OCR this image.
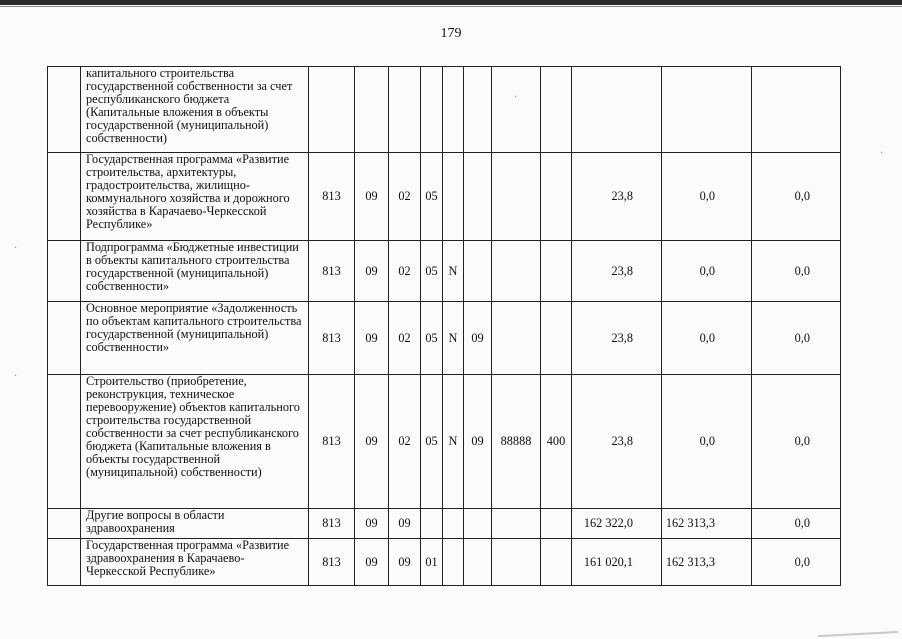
179
	капитального строительства государственной собственности за счет республиканского бюджета (Капитальные вложения в объекты государственной (муниципальной) собственности)											
	Государственная программа «Развитие строительства, архитектуры, градостроительства, жилищно-коммунального хозяйства и дорожного хозяйства в Карачаево-Черкесской Республике»	813	09	02	05					23,8	0,0	0,0
	Подпрограмма «Бюджетные инвестиции в объекты капитального строительства государственной (муниципальной) собственности»	813	09	02	05	N				23,8	0,0	0,0
	Основное мероприятие «Задолженность по объектам капитального строительства государственной (муниципальной) собственности»	813	09	02	05	N	09			23,8	0,0	0,0
	Строительство (приобретение, реконструкция, техническое перевооружение) объектов капитального строительства государственной собственности за счет республиканского бюджета (Капитальные вложения в объекты государственной (муниципальной) собственности)	813	09	02	05	N	09	88888	400	23,8	0,0	0,0
	Другие вопросы в области здравоохранения	813	09	09						162 322,0	162 313,3	0,0
	Государственная программа «Развитие здравоохранения в Карачаево-Черкесской Республике»	813	09	09	01					161 020,1	162 313,3	0,0
·
·
·
·
